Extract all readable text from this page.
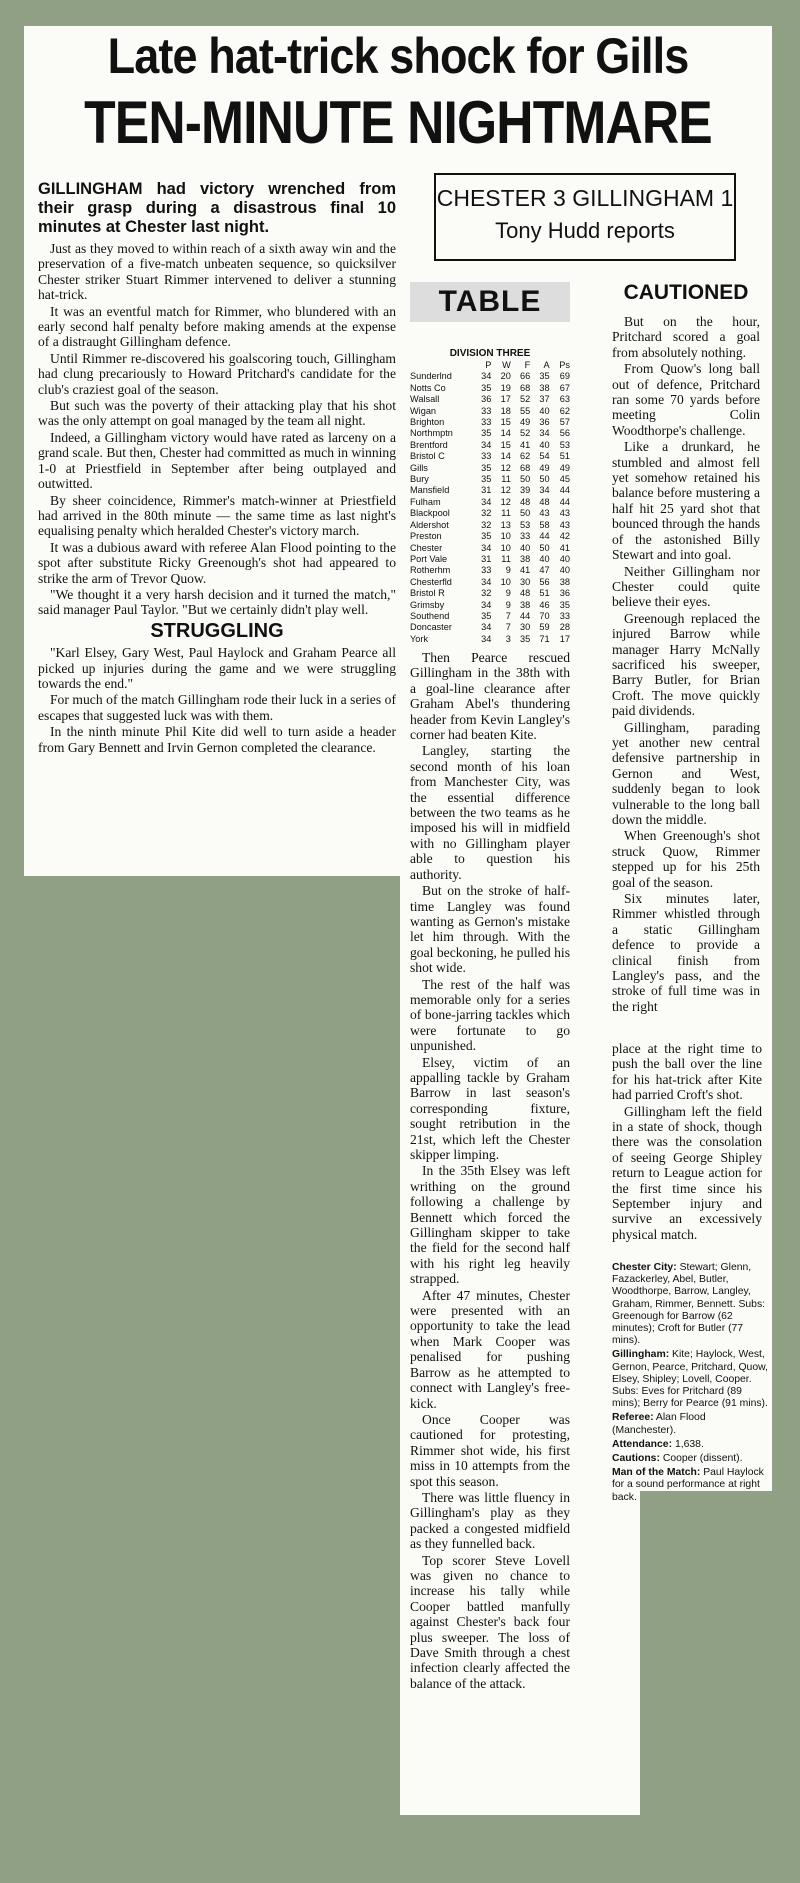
Late hat-trick shock for Gills
TEN-MINUTE NIGHTMARE

GILLINGHAM had victory wrenched from their grasp during a disastrous final 10 minutes at Chester last night.

Just as they moved to within reach of a sixth away win and the preservation of a five-match unbeaten sequence, so quicksilver Chester striker Stuart Rimmer intervened to deliver a stunning hat-trick.

It was an eventful match for Rimmer, who blundered with an early second half penalty before making amends at the expense of a distraught Gillingham defence.

Until Rimmer re-discovered his goalscoring touch, Gillingham had clung precariously to Howard Pritchard's candidate for the club's craziest goal of the season.

But such was the poverty of their attacking play that his shot was the only attempt on goal managed by the team all night.

Indeed, a Gillingham victory would have rated as larceny on a grand scale. But then, Chester had committed as much in winning 1-0 at Priestfield in September after being outplayed and outwitted.

By sheer coincidence, Rimmer's match-winner at Priestfield had arrived in the 80th minute — the same time as last night's equalising penalty which heralded Chester's victory march.

It was a dubious award with referee Alan Flood pointing to the spot after substitute Ricky Greenough's shot had appeared to strike the arm of Trevor Quow.

"We thought it a very harsh decision and it turned the match," said manager Paul Taylor. "But we certainly didn't play well.

STRUGGLING

"Karl Elsey, Gary West, Paul Haylock and Graham Pearce all picked up injuries during the game and we were struggling towards the end."

For much of the match Gillingham rode their luck in a series of escapes that suggested luck was with them.

In the ninth minute Phil Kite did well to turn aside a header from Gary Bennett and Irvin Gernon completed the clearance.

CHESTER 3 GILLINGHAM 1
Tony Hudd reports
TABLE
DIVISION THREE
	P	W	F	A	Ps
Sunderlnd	34	20	66	35	69
Notts Co	35	19	68	38	67
Walsall	36	17	52	37	63
Wigan	33	18	55	40	62
Brighton	33	15	49	36	57
Northmptn	35	14	52	34	56
Brentford	34	15	41	40	53
Bristol C	33	14	62	54	51
Gills	35	12	68	49	49
Bury	35	11	50	50	45
Mansfield	31	12	39	34	44
Fulham	34	12	48	48	44
Blackpool	32	11	50	43	43
Aldershot	32	13	53	58	43
Preston	35	10	33	44	42
Chester	34	10	40	50	41
Port Vale	31	11	38	40	40
Rotherhm	33	9	41	47	40
Chesterfld	34	10	30	56	38
Bristol R	32	9	48	51	36
Grimsby	34	9	38	46	35
Southend	35	7	44	70	33
Doncaster	34	7	30	59	28
York	34	3	35	71	17

Then Pearce rescued Gillingham in the 38th with a goal-line clearance after Graham Abel's thundering header from Kevin Langley's corner had beaten Kite.

Langley, starting the second month of his loan from Manchester City, was the essential difference between the two teams as he imposed his will in midfield with no Gillingham player able to question his authority.

But on the stroke of half-time Langley was found wanting as Gernon's mistake let him through. With the goal beckoning, he pulled his shot wide.

The rest of the half was memorable only for a series of bone-jarring tackles which were fortunate to go unpunished.

Elsey, victim of an appalling tackle by Graham Barrow in last season's corresponding fixture, sought retribution in the 21st, which left the Chester skipper limping.

In the 35th Elsey was left writhing on the ground following a challenge by Bennett which forced the Gillingham skipper to take the field for the second half with his right leg heavily strapped.

After 47 minutes, Chester were presented with an opportunity to take the lead when Mark Cooper was penalised for pushing Barrow as he attempted to connect with Langley's free-kick.

Once Cooper was cautioned for protesting, Rimmer shot wide, his first miss in 10 attempts from the spot this season.

There was little fluency in Gillingham's play as they packed a congested midfield as they funnelled back.

Top scorer Steve Lovell was given no chance to increase his tally while Cooper battled manfully against Chester's back four plus sweeper. The loss of Dave Smith through a chest infection clearly affected the balance of the attack.

CAUTIONED

But on the hour, Pritchard scored a goal from absolutely nothing.

From Quow's long ball out of defence, Pritchard ran some 70 yards before meeting Colin Woodthorpe's challenge.

Like a drunkard, he stumbled and almost fell yet somehow retained his balance before mustering a half hit 25 yard shot that bounced through the hands of the astonished Billy Stewart and into goal.

Neither Gillingham nor Chester could quite believe their eyes.

Greenough replaced the injured Barrow while manager Harry McNally sacrificed his sweeper, Barry Butler, for Brian Croft. The move quickly paid dividends.

Gillingham, parading yet another new central defensive partnership in Gernon and West, suddenly began to look vulnerable to the long ball down the middle.

When Greenough's shot struck Quow, Rimmer stepped up for his 25th goal of the season.

Six minutes later, Rimmer whistled through a static Gillingham defence to provide a clinical finish from Langley's pass, and the stroke of full time was in the right

place at the right time to push the ball over the line for his hat-trick after Kite had parried Croft's shot.

Gillingham left the field in a state of shock, though there was the consolation of seeing George Shipley return to League action for the first time since his September injury and survive an excessively physical match.

Chester City: Stewart; Glenn, Fazackerley, Abel, Butler, Woodthorpe, Barrow, Langley, Graham, Rimmer, Bennett. Subs: Greenough for Barrow (62 minutes); Croft for Butler (77 mins).

Gillingham: Kite; Haylock, West, Gernon, Pearce, Pritchard, Quow, Elsey, Shipley; Lovell, Cooper. Subs: Eves for Pritchard (89 mins); Berry for Pearce (91 mins).

Referee: Alan Flood (Manchester).

Attendance: 1,638.

Cautions: Cooper (dissent).

Man of the Match: Paul Haylock for a sound performance at right back.
